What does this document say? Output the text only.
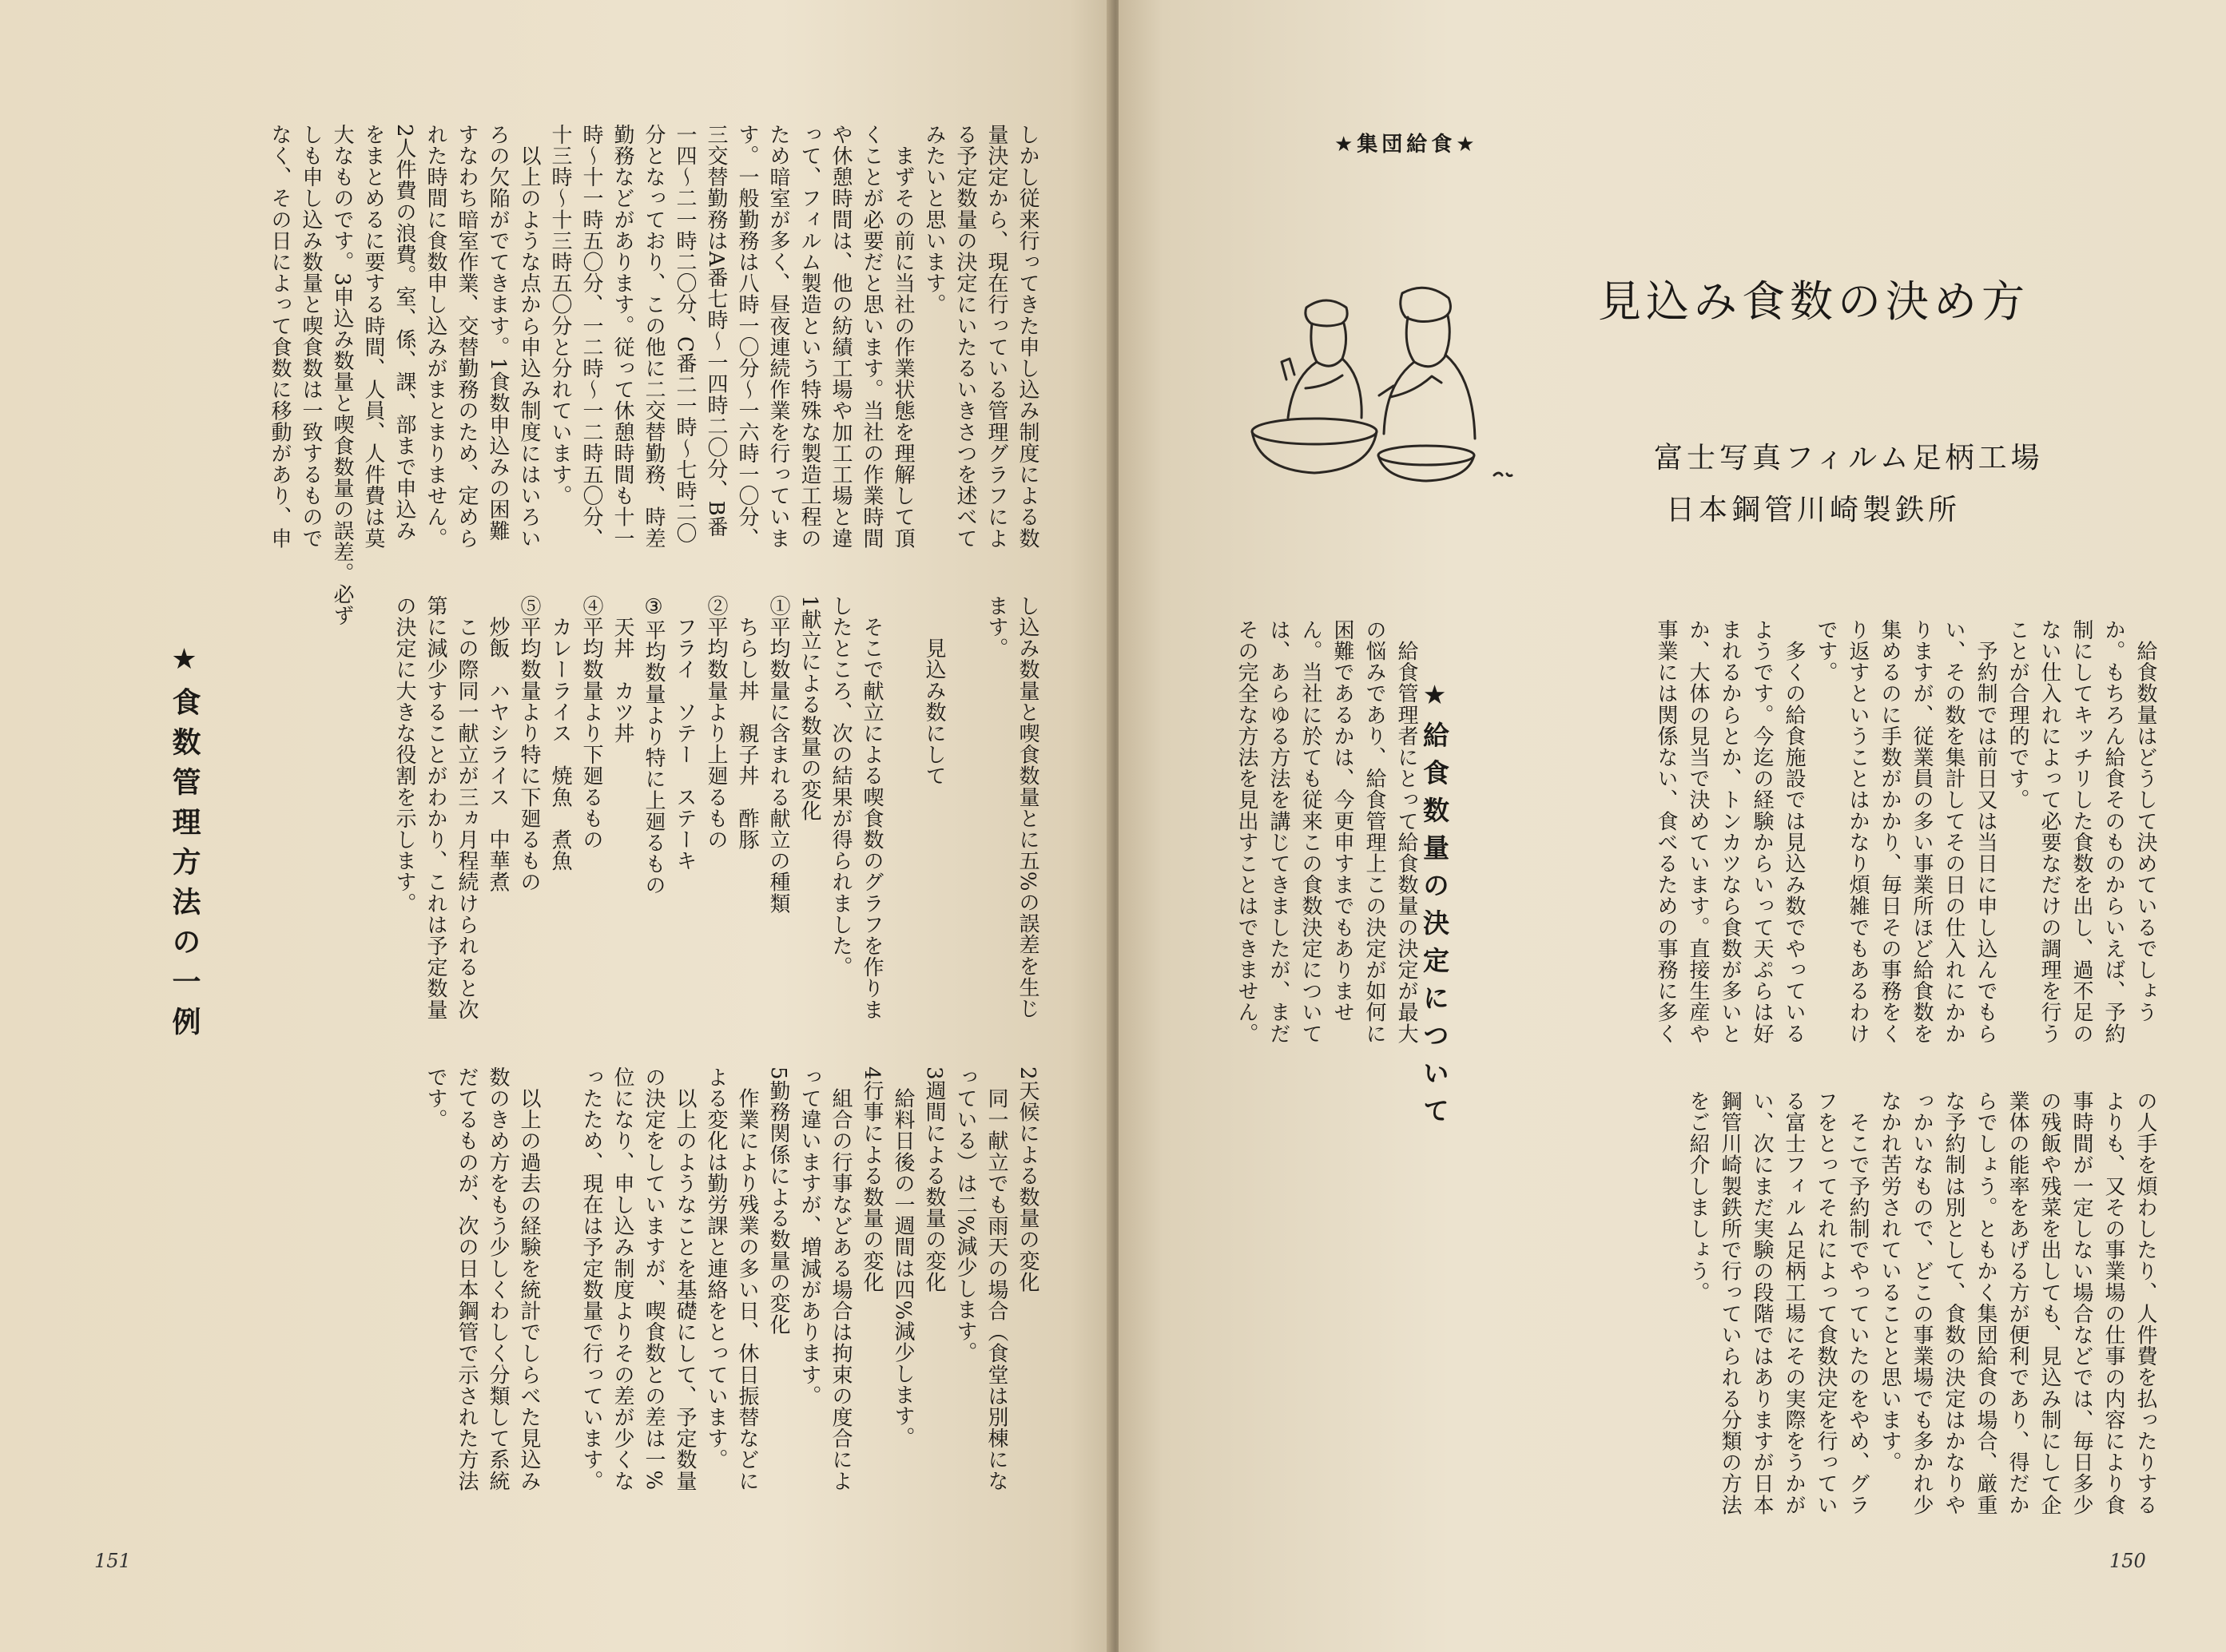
しかし従来行ってきた申し込み制度による数
量決定から、現在行っている管理グラフによ
る予定数量の決定にいたるいきさつを述べて
みたいと思います。
　まずその前に当社の作業状態を理解して頂
くことが必要だと思います。当社の作業時間
や休憩時間は、他の紡績工場や加工工場と違
って、フィルム製造という特殊な製造工程の
ため暗室が多く、昼夜連続作業を行っていま
す。一般勤務は八時一〇分～一六時一〇分、
三交替勤務はA番七時～一四時二〇分、B番
一四～二一時二〇分、C番二一時～七時二〇
分となっており、この他に二交替勤務、時差
勤務などがあります。従って休憩時間も十一
時～十一時五〇分、一二時～一二時五〇分、
十三時～十三時五〇分と分れています。
　以上のような点から申込み制度にはいろい
ろの欠陥がでてきます。1食数申込みの困難
すなわち暗室作業、交替勤務のため、定めら
れた時間に食数申し込みがまとまりません。
2人件費の浪費。室、係、課、部まで申込み
をまとめるに要する時間、人員、人件費は莫
大なものです。3申込み数量と喫食数量の誤差。必ず
しも申し込み数量と喫食数は一致するもので
なく、その日によって食数に移動があり、申
し込み数量と喫食数量とに五%の誤差を生じ
ます。

　　見込み数にして

　そこで献立による喫食数のグラフを作りま
したところ、次の結果が得られました。
1献立による数量の変化
①平均数量に含まれる献立の種類
　ちらし丼　親子丼　酢豚
②平均数量より上廻るもの
　フライ　ソテー　ステーキ
③平均数量より特に上廻るもの
　天丼　カツ丼
④平均数量より下廻るもの
　カレーライス　焼魚　煮魚
⑤平均数量より特に下廻るもの
　炒飯　ハヤシライス　中華煮
　この際同一献立が三ヵ月程続けられると次
第に減少することがわかり、これは予定数量
の決定に大きな役割を示します。
2天候による数量の変化
　同一献立でも雨天の場合（食堂は別棟にな
っている）は二%減少します。
3週間による数量の変化
　給料日後の一週間は四%減少します。
4行事による数量の変化
　組合の行事などある場合は拘束の度合によ
って違いますが、増減があります。
5勤務関係による数量の変化
　作業により残業の多い日、休日振替などに
よる変化は勤労課と連絡をとっています。
　以上のようなことを基礎にして、予定数量
の決定をしていますが、喫食数との差は一%
位になり、申し込み制度よりその差が少くな
ったため、現在は予定数量で行っています。

　以上の過去の経験を統計でしらべた見込み
数のきめ方をもう少しくわしく分類して系統
だてるものが、次の日本鋼管で示された方法
です。
★食数管理方法の一例
151	150
★集団給食★
見込み食数の決め方
富士写真フィルム足柄工場
日本鋼管川崎製鉄所
　給食数量はどうして決めているでしょう
か。もちろん給食そのものからいえば、予約
制にしてキッチリした食数を出し、過不足の
ない仕入れによって必要なだけの調理を行う
ことが合理的です。
　予約制では前日又は当日に申し込んでもら
い、その数を集計してその日の仕入れにかか
りますが、従業員の多い事業所ほど給食数を
集めるのに手数がかかり、毎日その事務をく
り返すということはかなり煩雑でもあるわけ
です。
　多くの給食施設では見込み数でやっている
ようです。今迄の経験からいって天ぷらは好
まれるからとか、トンカツなら食数が多いと
か、大体の見当で決めています。直接生産や
事業には関係ない、食べるための事務に多く
の人手を煩わしたり、人件費を払ったりする
よりも、又その事業場の仕事の内容により食
事時間が一定しない場合などでは、毎日多少
の残飯や残菜を出しても、見込み制にして企
業体の能率をあげる方が便利であり、得だか
らでしょう。ともかく集団給食の場合、厳重
な予約制は別として、食数の決定はかなりや
っかいなもので、どこの事業場でも多かれ少
なかれ苦労されていることと思います。
　そこで予約制でやっていたのをやめ、グラ
フをとってそれによって食数決定を行ってい
る富士フィルム足柄工場にその実際をうかが
い、次にまだ実験の段階ではありますが日本
鋼管川崎製鉄所で行っていられる分類の方法
をご紹介しましょう。
★給食数量の決定について
　給食管理者にとって給食数量の決定が最大
の悩みであり、給食管理上この決定が如何に
困難であるかは、今更申すまでもありませ
ん。当社に於ても従来この食数決定について
は、あらゆる方法を講じてきましたが、まだ
その完全な方法を見出すことはできません。
